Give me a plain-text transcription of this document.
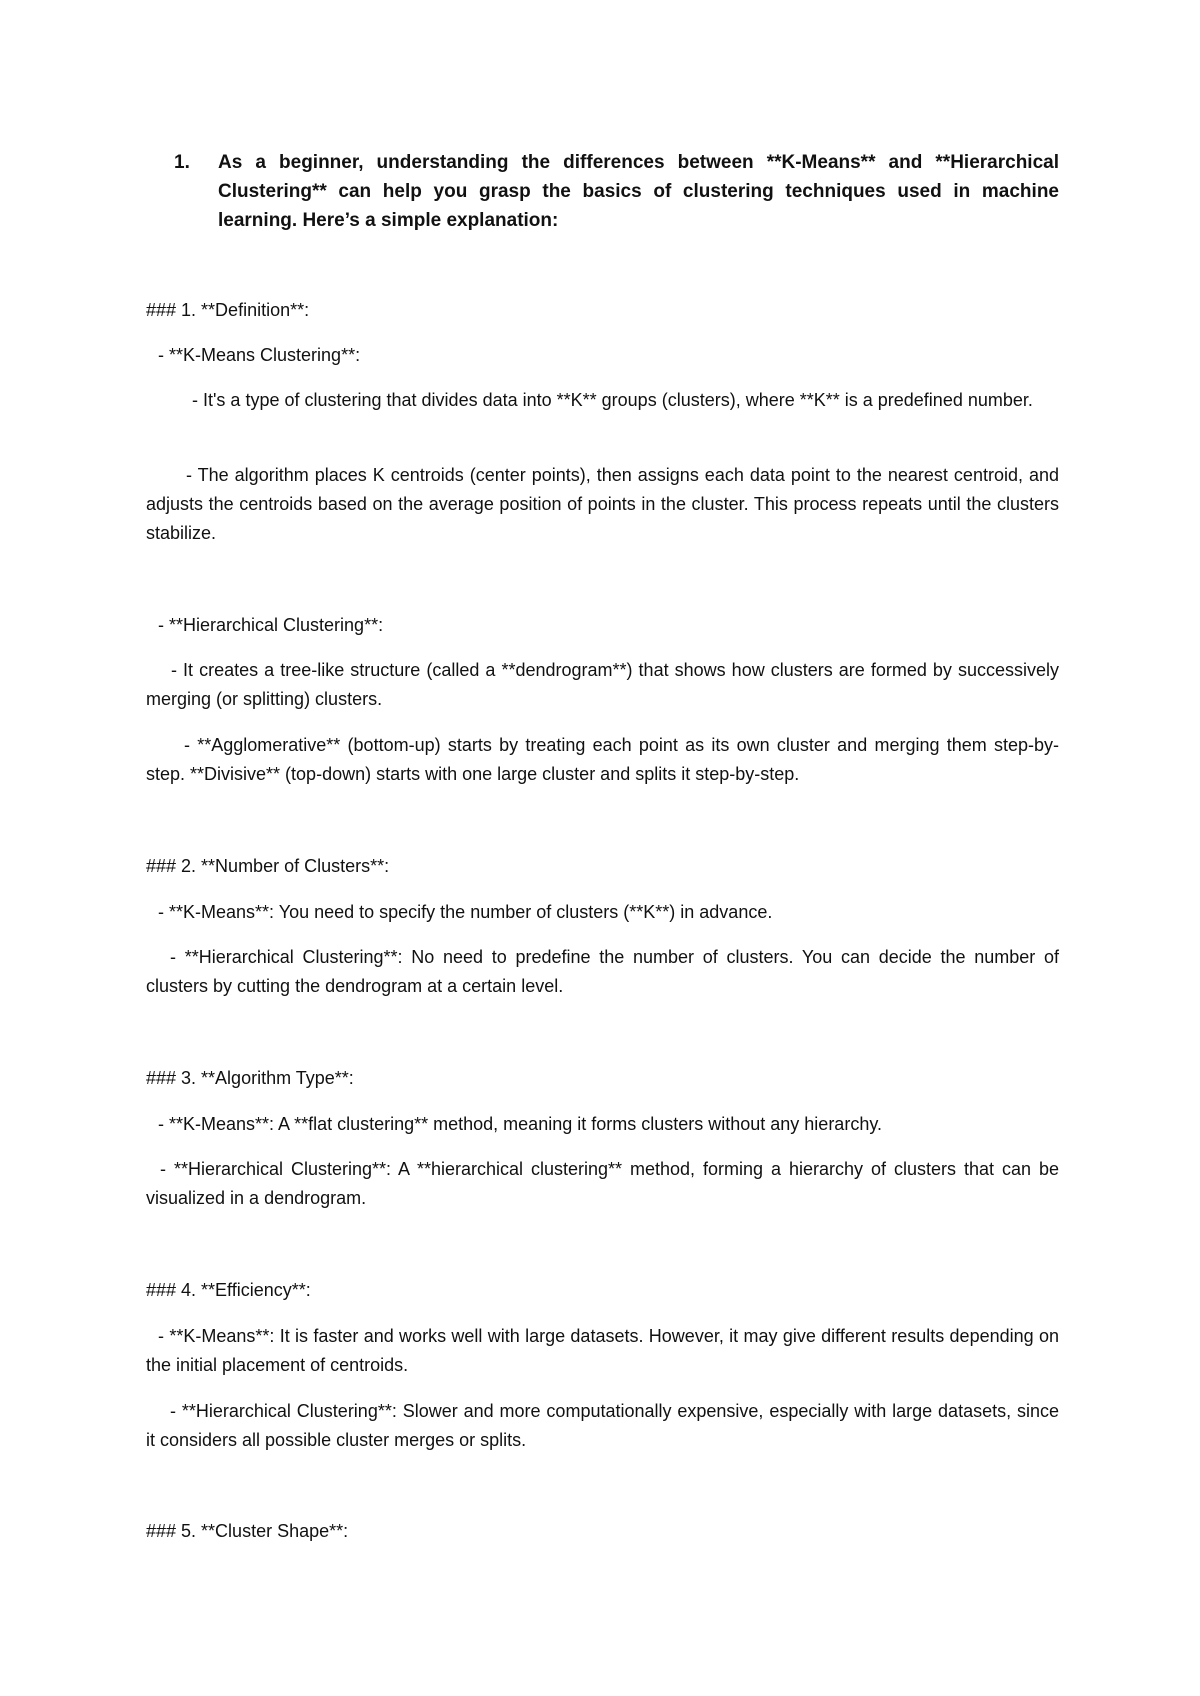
1.	As a beginner, understanding the differences between **K-Means** and **Hierarchical Clustering** can help you grasp the basics of clustering techniques used in machine learning. Here’s a simple explanation:

### 1. **Definition**:

- **K-Means Clustering**:

- It's a type of clustering that divides data into **K** groups (clusters), where **K** is a predefined number.

- The algorithm places K centroids (center points), then assigns each data point to the nearest centroid, and adjusts the centroids based on the average position of points in the cluster. This process repeats until the clusters stabilize.

- **Hierarchical Clustering**:

- It creates a tree-like structure (called a **dendrogram**) that shows how clusters are formed by successively merging (or splitting) clusters.

- **Agglomerative** (bottom-up) starts by treating each point as its own cluster and merging them step-by-step. **Divisive** (top-down) starts with one large cluster and splits it step-by-step.

### 2. **Number of Clusters**:

- **K-Means**: You need to specify the number of clusters (**K**) in advance.

- **Hierarchical Clustering**: No need to predefine the number of clusters. You can decide the number of clusters by cutting the dendrogram at a certain level.

### 3. **Algorithm Type**:

- **K-Means**: A **flat clustering** method, meaning it forms clusters without any hierarchy.

- **Hierarchical Clustering**: A **hierarchical clustering** method, forming a hierarchy of clusters that can be visualized in a dendrogram.

### 4. **Efficiency**:

- **K-Means**: It is faster and works well with large datasets. However, it may give different results depending on the initial placement of centroids.

- **Hierarchical Clustering**: Slower and more computationally expensive, especially with large datasets, since it considers all possible cluster merges or splits.

### 5. **Cluster Shape**:
